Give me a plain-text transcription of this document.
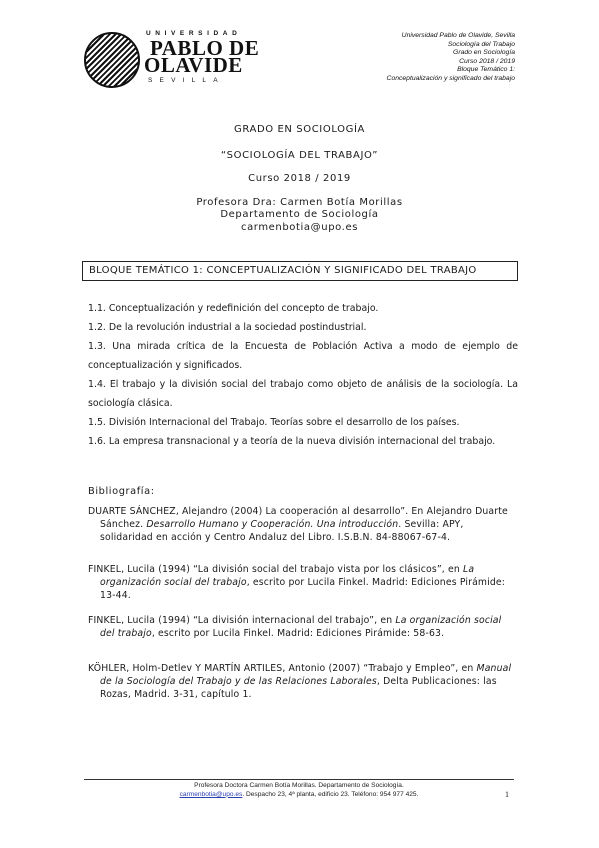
UNIVERSIDAD
PABLO DE
OLAVIDE
SEVILLA
Universidad Pablo de Olavide, Sevilla
Sociología del Trabajo
Grado en Sociología
Curso 2018 / 2019
Bloque Temático 1:
Conceptualización y significado del trabajo
GRADO EN SOCIOLOGÍA
“SOCIOLOGÍA DEL TRABAJO”
Curso 2018 / 2019
Profesora Dra: Carmen Botía Morillas
Departamento de Sociología
carmenbotia@upo.es
BLOQUE TEMÁTICO 1: CONCEPTUALIZACIÓN Y SIGNIFICADO DEL TRABAJO

1.1. Conceptualización y redefinición del concepto de trabajo.

1.2. De la revolución industrial a la sociedad postindustrial.

1.3. Una mirada crítica de la Encuesta de Población Activa a modo de ejemplo de conceptualización y significados.

1.4. El trabajo y la división social del trabajo como objeto de análisis de la sociología. La sociología clásica.

1.5. División Internacional del Trabajo. Teorías sobre el desarrollo de los países.

1.6. La empresa transnacional y a teoría de la nueva división internacional del trabajo.

Bibliografía:

DUARTE SÁNCHEZ, Alejandro (2004) La cooperación al desarrollo”. En Alejandro Duarte Sánchez. Desarrollo Humano y Cooperación. Una introducción. Sevilla: APY, solidaridad en acción y Centro Andaluz del Libro. I.S.B.N. 84-88067-67-4.

FINKEL, Lucila (1994) “La división social del trabajo vista por los clásicos”, en La organización social del trabajo, escrito por Lucila Finkel. Madrid: Ediciones Pirámide: 13-44.

FINKEL, Lucila (1994) “La división internacional del trabajo”, en La organización social del trabajo, escrito por Lucila Finkel. Madrid: Ediciones Pirámide: 58-63.

KÖHLER, Holm-Detlev Y MARTÍN ARTILES, Antonio (2007) “Trabajo y Empleo”, en Manual de la Sociología del Trabajo y de las Relaciones Laborales, Delta Publicaciones: las Rozas, Madrid. 3-31, capítulo 1.

Profesora Doctora Carmen Botía Morillas. Departamento de Sociología.
carmenbotia@upo.es. Despacho 23, 4ª planta, edificio 23. Teléfono: 954 977 425.	1
